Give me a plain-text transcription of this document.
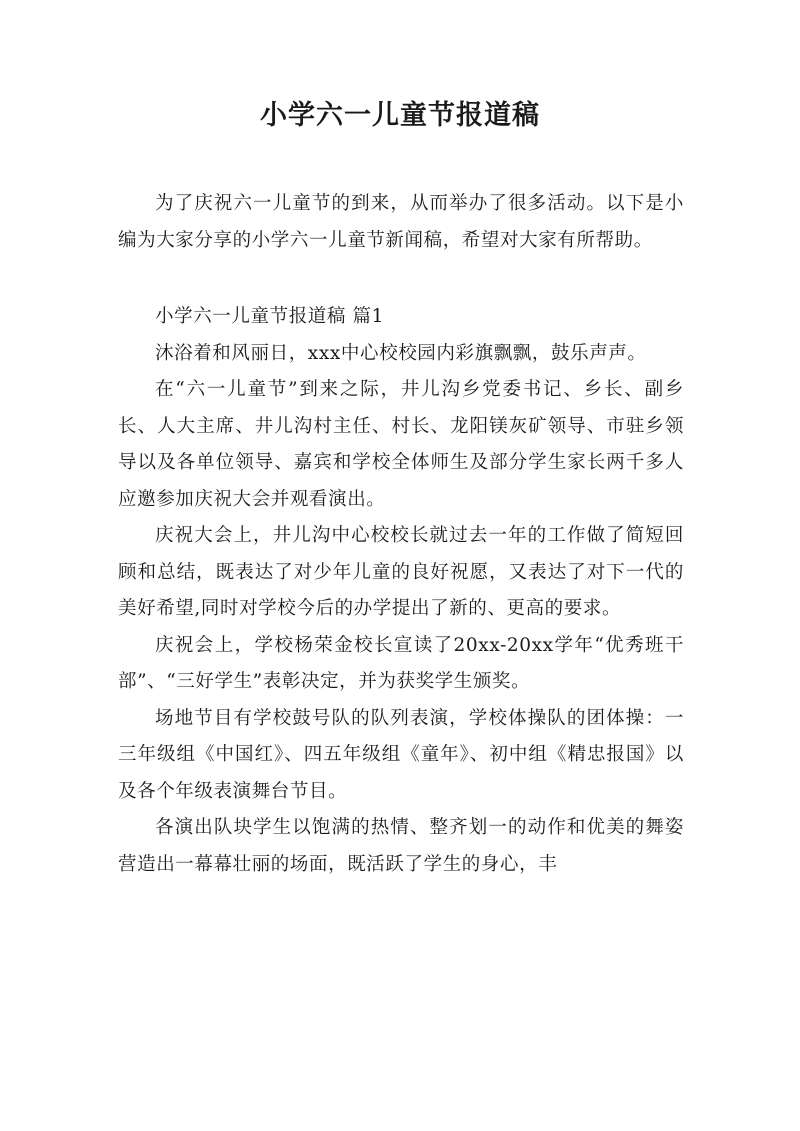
小学六一儿童节报道稿

为了庆祝六一儿童节的到来，从而举办了很多活动。以下是小编为大家分享的小学六一儿童节新闻稿，希望对大家有所帮助。

小学六一儿童节报道稿 篇1

沐浴着和风丽日，xxx中心校校园内彩旗飘飘，鼓乐声声。

在“六一儿童节”到来之际，井儿沟乡党委书记、乡长、副乡长、人大主席、井儿沟村主任、村长、龙阳镁灰矿领导、市驻乡领导以及各单位领导、嘉宾和学校全体师生及部分学生家长两千多人应邀参加庆祝大会并观看演出。

庆祝大会上，井儿沟中心校校长就过去一年的工作做了简短回顾和总结，既表达了对少年儿童的良好祝愿，又表达了对下一代的美好希望,同时对学校今后的办学提出了新的、更高的要求。

庆祝会上，学校杨荣金校长宣读了20xx-20xx学年“优秀班干部”、“三好学生”表彰决定，并为获奖学生颁奖。

场地节目有学校鼓号队的队列表演，学校体操队的团体操：一三年级组《中国红》、四五年级组《童年》、初中组《精忠报国》以及各个年级表演舞台节目。

各演出队块学生以饱满的热情、整齐划一的动作和优美的舞姿营造出一幕幕壮丽的场面，既活跃了学生的身心，丰
